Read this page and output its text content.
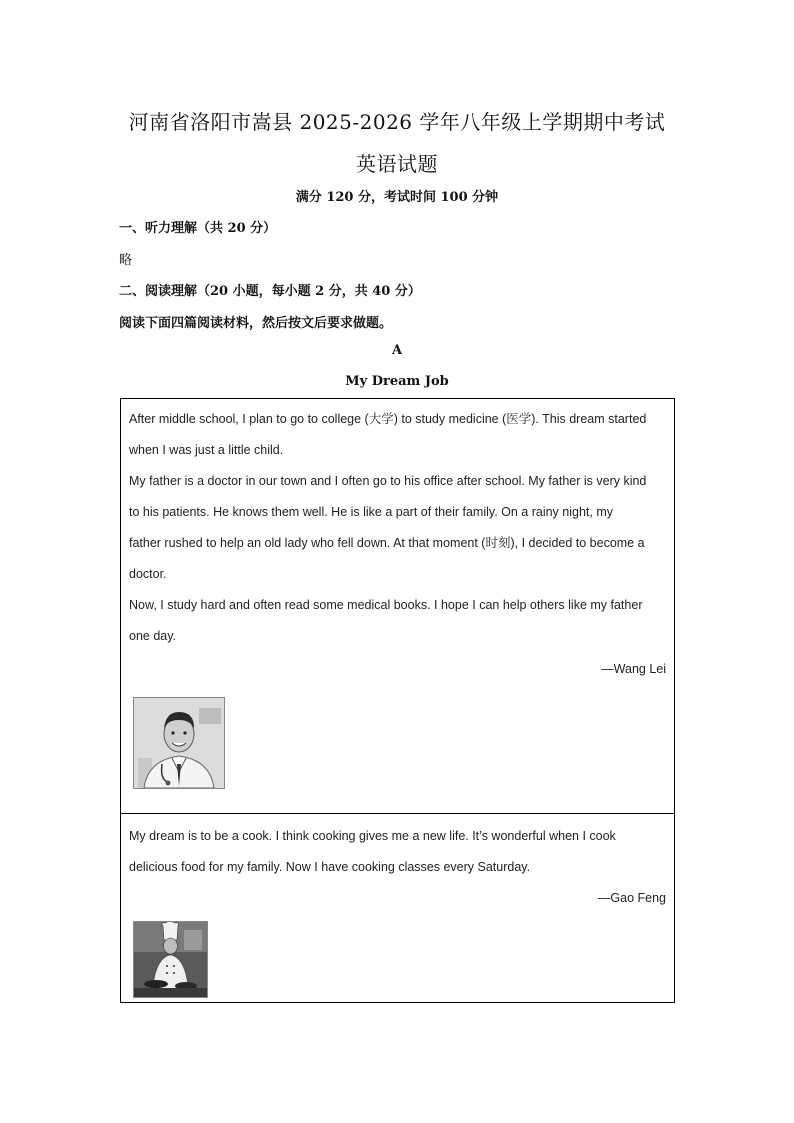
河南省洛阳市嵩县 2025-2026 学年八年级上学期期中考试
英语试题
满分 120 分，考试时间 100 分钟
一、听力理解（共 20 分）
略
二、阅读理解（20 小题，每小题 2 分，共 40 分）
阅读下面四篇阅读材料，然后按文后要求做题。
A
My Dream Job
After middle school, I plan to go to college (大学) to study medicine (医学). This dream started
when I was just a little child.
My father is a doctor in our town and I often go to his office after school. My father is very kind
to his patients. He knows them well. He is like a part of their family. On a rainy night, my
father rushed to help an old lady who fell down. At that moment (时刻), I decided to become a
doctor.
Now, I study hard and often read some medical books. I hope I can help others like my father
one day.
—Wang Lei
My dream is to be a cook. I think cooking gives me a new life. It’s wonderful when I cook
delicious food for my family. Now I have cooking classes every Saturday.
—Gao Feng
